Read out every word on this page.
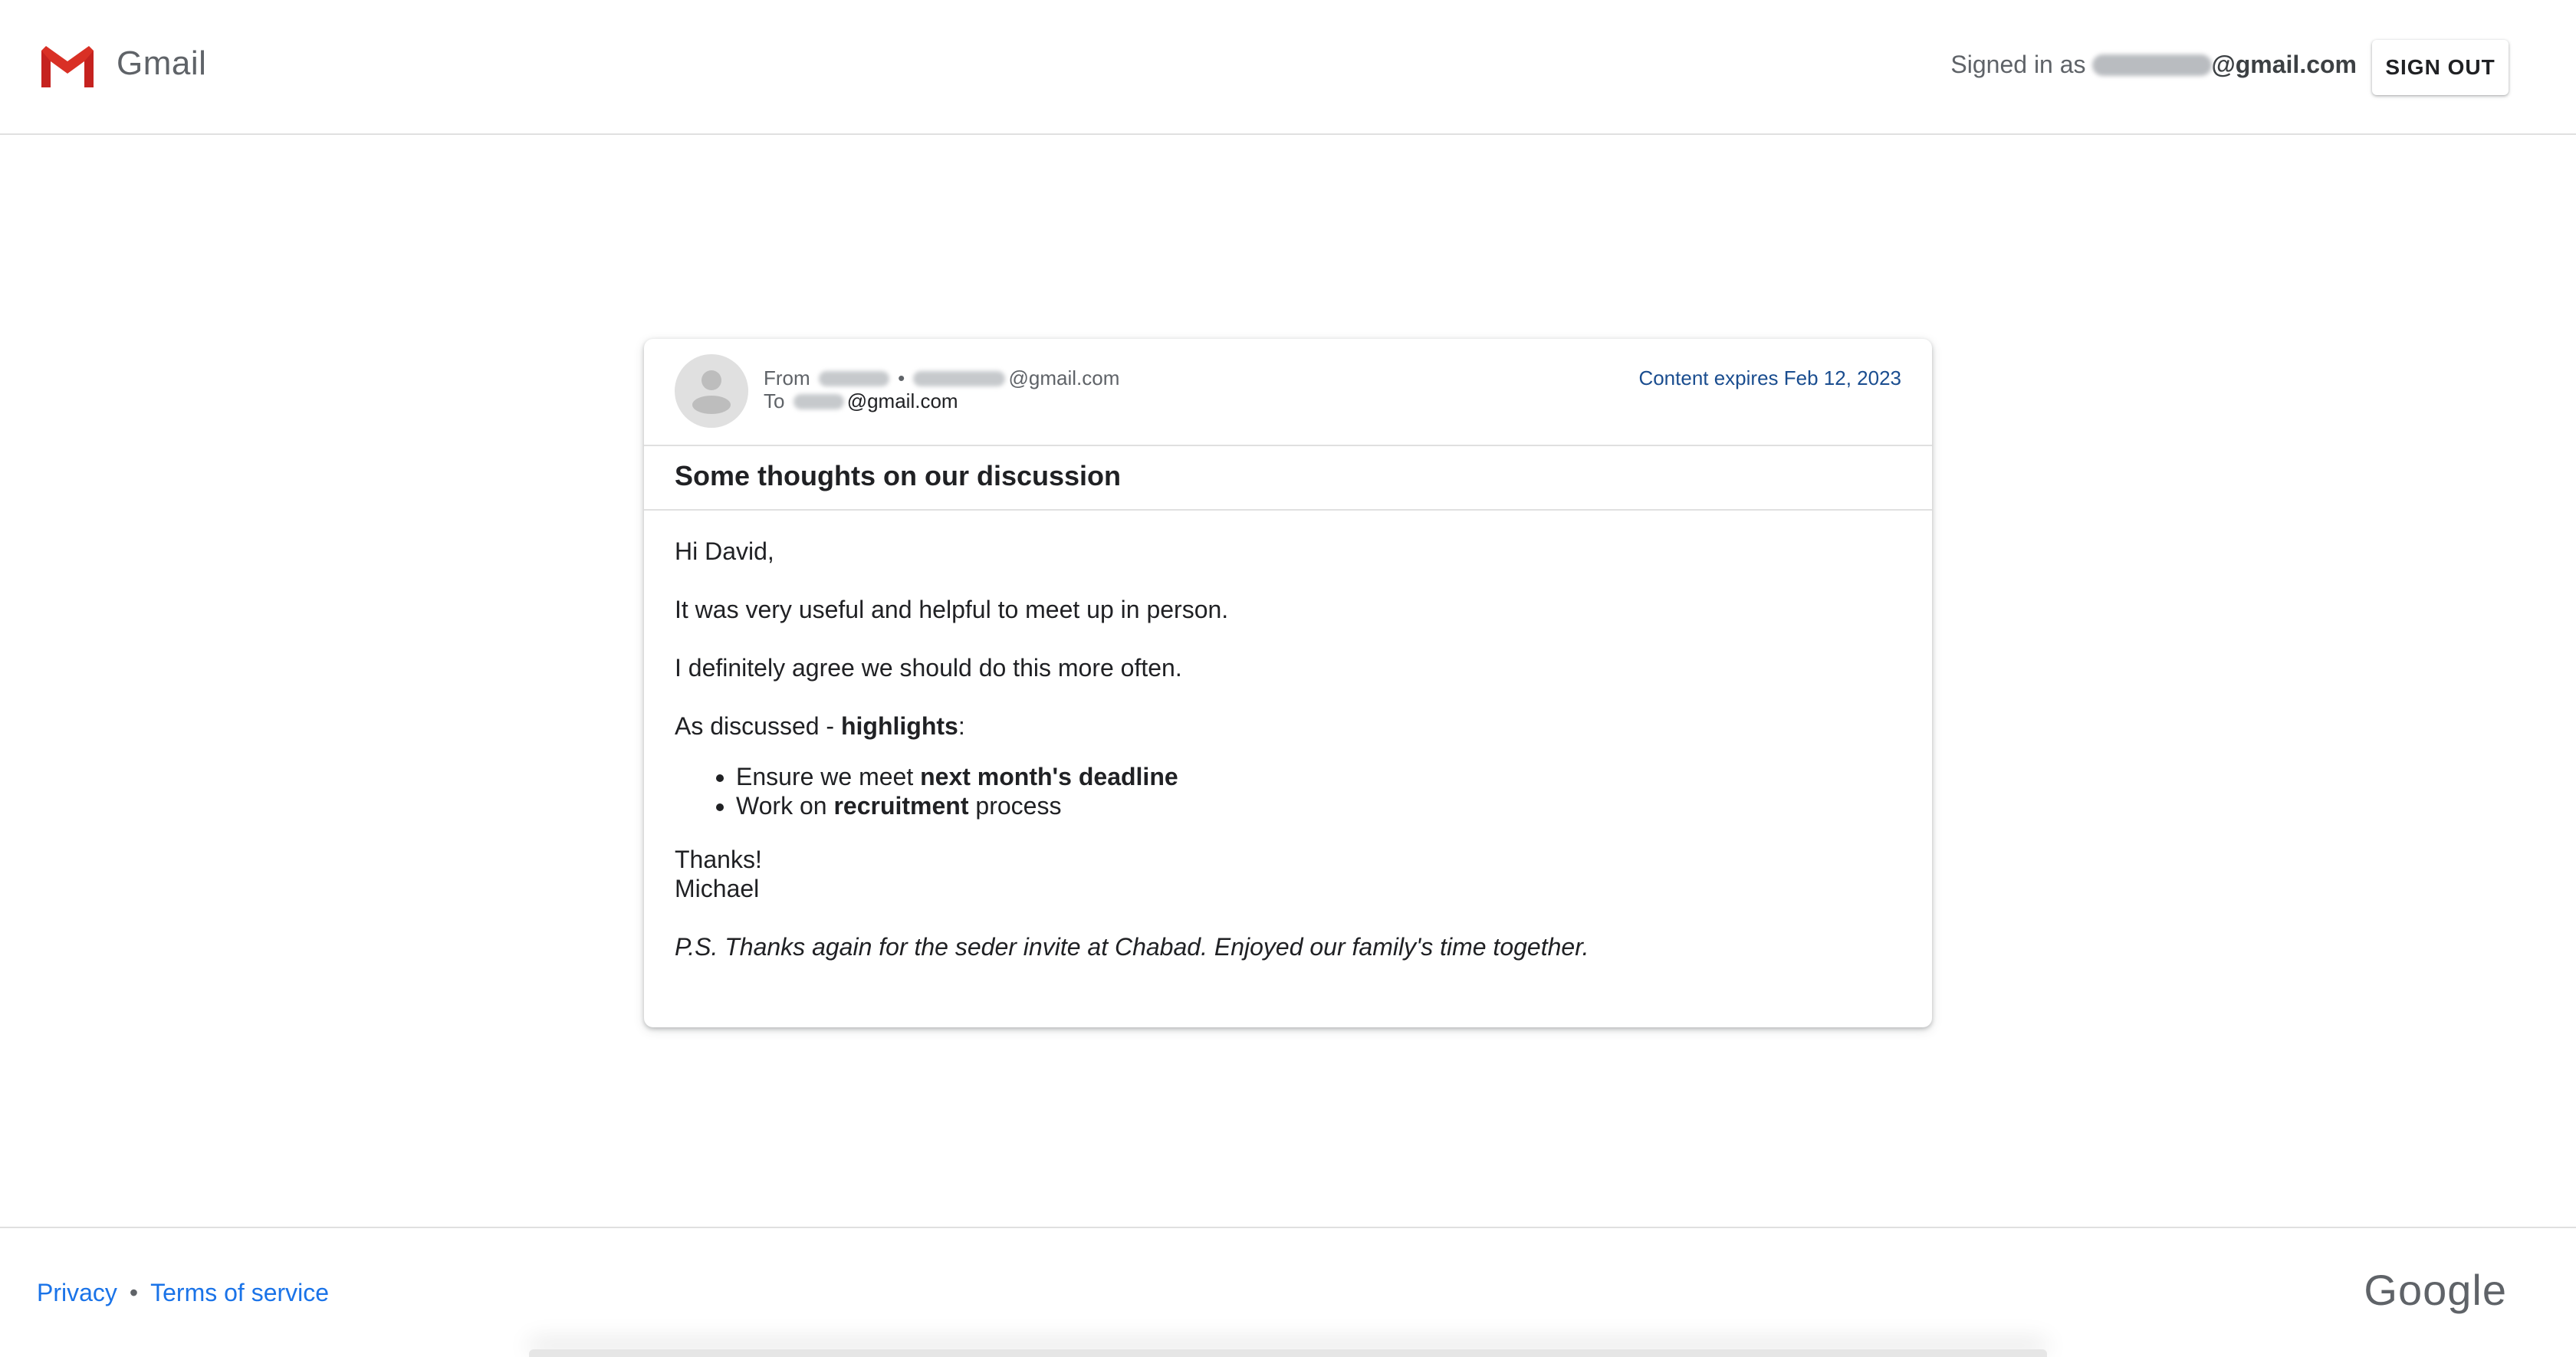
Gmail	Signed in as	@gmail.com	SIGN OUT
From	•	@gmail.com
To	@gmail.com
Content expires Feb 12, 2023
Some thoughts on our discussion

Hi David,

It was very useful and helpful to meet up in person.

I definitely agree we should do this more often.

As discussed - highlights:

• Ensure we meet next month's deadline
• Work on recruitment process

Thanks!

Michael

P.S. Thanks again for the seder invite at Chabad. Enjoyed our family's time together.

Privacy • Terms of service	Google
